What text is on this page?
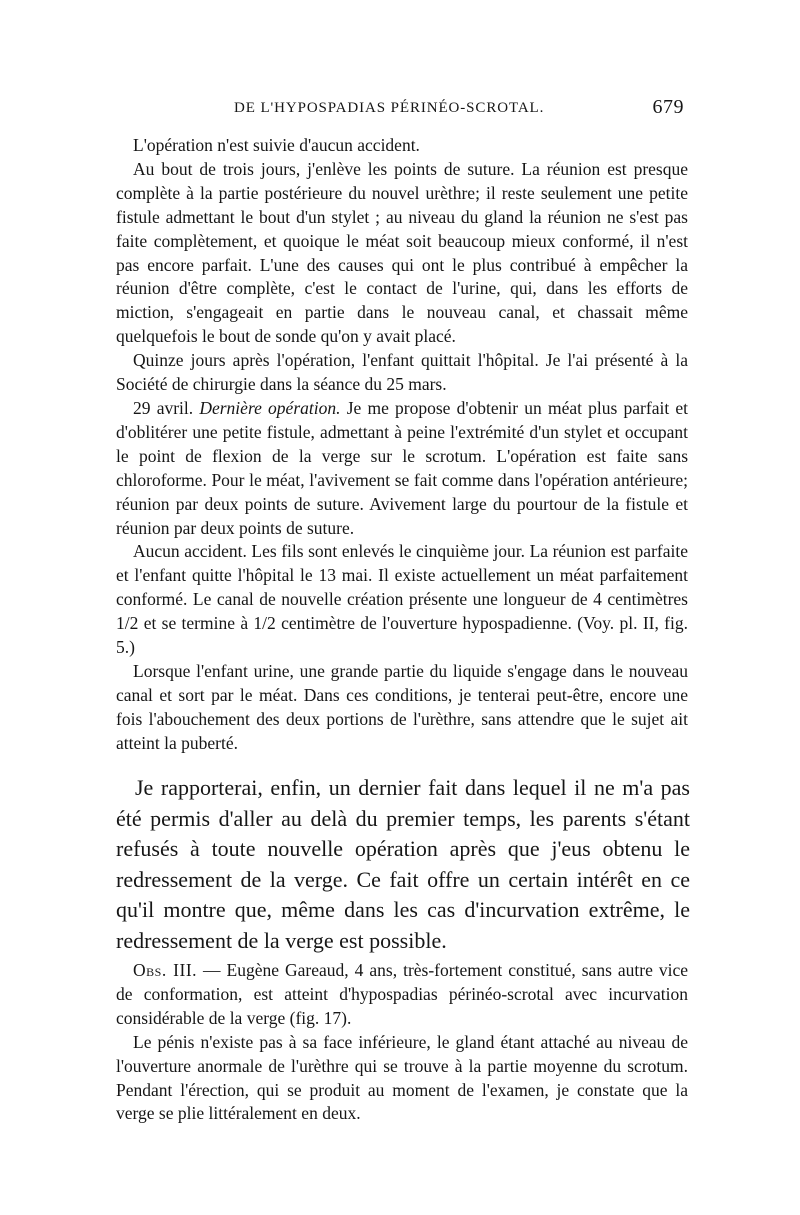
DE L'HYPOSPADIAS PÉRINÉO-SCROTAL.	679

L'opération n'est suivie d'aucun accident.

Au bout de trois jours, j'enlève les points de suture. La réunion est presque complète à la partie postérieure du nouvel urèthre; il reste seulement une petite fistule admettant le bout d'un stylet ; au niveau du gland la réunion ne s'est pas faite complètement, et quoique le méat soit beaucoup mieux conformé, il n'est pas encore parfait. L'une des causes qui ont le plus contribué à empêcher la réunion d'être complète, c'est le contact de l'urine, qui, dans les efforts de miction, s'engageait en partie dans le nouveau canal, et chassait même quelquefois le bout de sonde qu'on y avait placé.

Quinze jours après l'opération, l'enfant quittait l'hôpital. Je l'ai présenté à la Société de chirurgie dans la séance du 25 mars.

29 avril. Dernière opération. Je me propose d'obtenir un méat plus parfait et d'oblitérer une petite fistule, admettant à peine l'extrémité d'un stylet et occupant le point de flexion de la verge sur le scrotum. L'opération est faite sans chloroforme. Pour le méat, l'avivement se fait comme dans l'opération antérieure; réunion par deux points de suture. Avivement large du pourtour de la fistule et réunion par deux points de suture.

Aucun accident. Les fils sont enlevés le cinquième jour. La réunion est parfaite et l'enfant quitte l'hôpital le 13 mai. Il existe actuellement un méat parfaitement conformé. Le canal de nouvelle création présente une longueur de 4 centimètres 1/2 et se termine à 1/2 centimètre de l'ouverture hypospadienne. (Voy. pl. II, fig. 5.)

Lorsque l'enfant urine, une grande partie du liquide s'engage dans le nouveau canal et sort par le méat. Dans ces conditions, je tenterai peut-être, encore une fois l'abouchement des deux portions de l'urèthre, sans attendre que le sujet ait atteint la puberté.

Je rapporterai, enfin, un dernier fait dans lequel il ne m'a pas été permis d'aller au delà du premier temps, les parents s'étant refusés à toute nouvelle opération après que j'eus obtenu le redressement de la verge. Ce fait offre un certain intérêt en ce qu'il montre que, même dans les cas d'incurvation extrême, le redressement de la verge est possible.

Obs. III. — Eugène Gareaud, 4 ans, très-fortement constitué, sans autre vice de conformation, est atteint d'hypospadias périnéo-scrotal avec incurvation considérable de la verge (fig. 17).

Le pénis n'existe pas à sa face inférieure, le gland étant attaché au niveau de l'ouverture anormale de l'urèthre qui se trouve à la partie moyenne du scrotum. Pendant l'érection, qui se produit au moment de l'examen, je constate que la verge se plie littéralement en deux.
